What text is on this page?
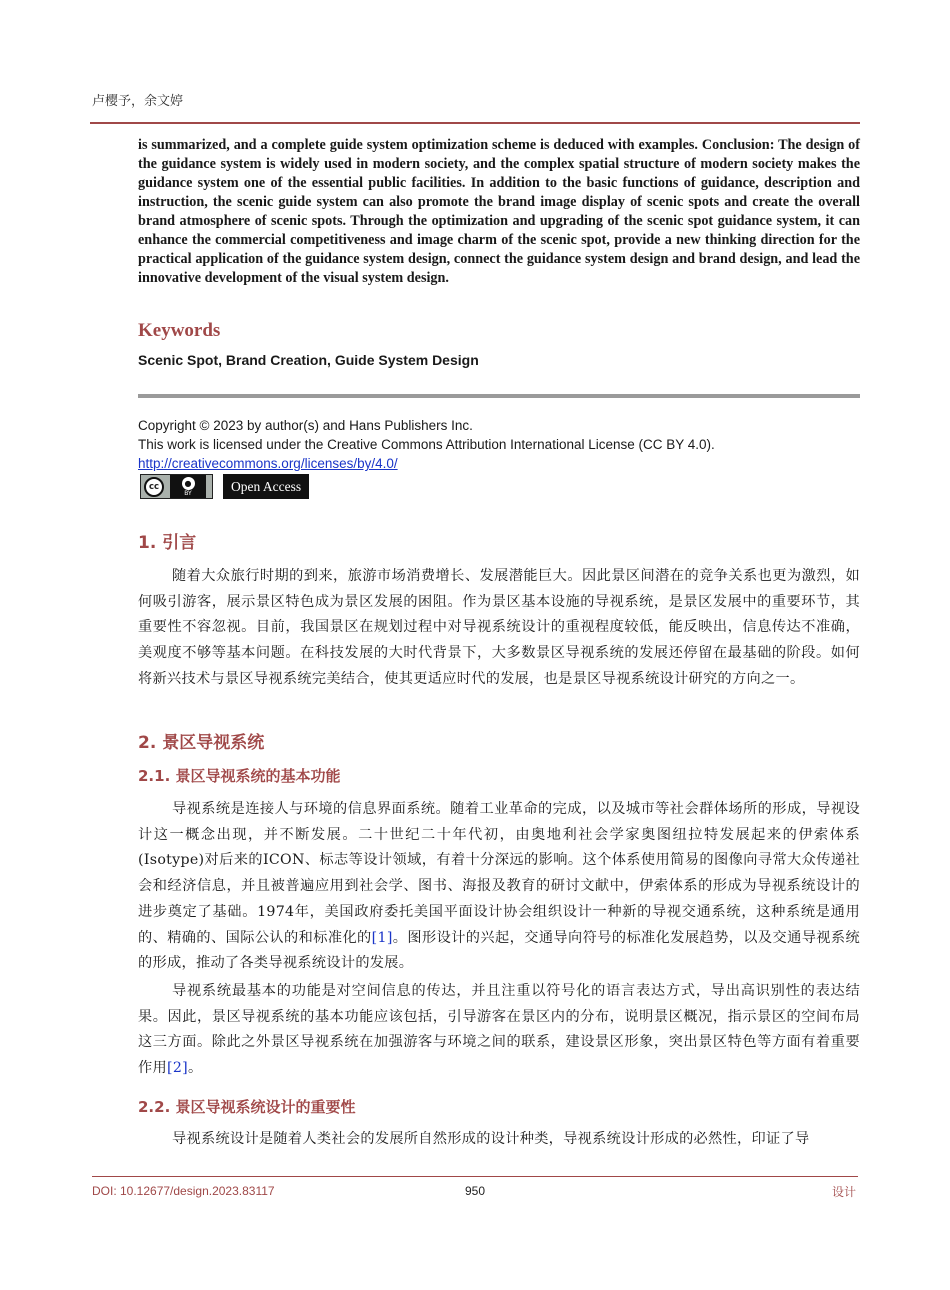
卢樱予，余文婷
is summarized, and a complete guide system optimization scheme is deduced with examples. Conclusion: The design of the guidance system is widely used in modern society, and the complex spatial structure of modern society makes the guidance system one of the essential public facilities. In addition to the basic functions of guidance, description and instruction, the scenic guide system can also promote the brand image display of scenic spots and create the overall brand atmosphere of scenic spots. Through the optimization and upgrading of the scenic spot guidance system, it can enhance the commercial competitiveness and image charm of the scenic spot, provide a new thinking direction for the practical application of the guidance system design, connect the guidance system design and brand design, and lead the innovative development of the visual system design.
Keywords
Scenic Spot, Brand Creation, Guide System Design
Copyright © 2023 by author(s) and Hans Publishers Inc.
This work is licensed under the Creative Commons Attribution International License (CC BY 4.0).
http://creativecommons.org/licenses/by/4.0/
cc	●
BY	Open Access
1. 引言
随着大众旅行时期的到来，旅游市场消费增长、发展潜能巨大。因此景区间潜在的竞争关系也更为激烈，如何吸引游客，展示景区特色成为景区发展的困阻。作为景区基本设施的导视系统，是景区发展中的重要环节，其重要性不容忽视。目前，我国景区在规划过程中对导视系统设计的重视程度较低，能反映出，信息传达不准确，美观度不够等基本问题。在科技发展的大时代背景下，大多数景区导视系统的发展还停留在最基础的阶段。如何将新兴技术与景区导视系统完美结合，使其更适应时代的发展，也是景区导视系统设计研究的方向之一。
2. 景区导视系统
2.1. 景区导视系统的基本功能
导视系统是连接人与环境的信息界面系统。随着工业革命的完成，以及城市等社会群体场所的形成，导视设计这一概念出现，并不断发展。二十世纪二十年代初，由奥地利社会学家奥图纽拉特发展起来的伊索体系(Isotype)对后来的ICON、标志等设计领域，有着十分深远的影响。这个体系使用简易的图像向寻常大众传递社会和经济信息，并且被普遍应用到社会学、图书、海报及教育的研讨文献中，伊索体系的形成为导视系统设计的进步奠定了基础。1974年，美国政府委托美国平面设计协会组织设计一种新的导视交通系统，这种系统是通用的、精确的、国际公认的和标准化的[1]。图形设计的兴起，交通导向符号的标准化发展趋势，以及交通导视系统的形成，推动了各类导视系统设计的发展。
导视系统最基本的功能是对空间信息的传达，并且注重以符号化的语言表达方式，导出高识别性的表达结果。因此，景区导视系统的基本功能应该包括，引导游客在景区内的分布，说明景区概况，指示景区的空间布局这三方面。除此之外景区导视系统在加强游客与环境之间的联系，建设景区形象，突出景区特色等方面有着重要作用[2]。
2.2. 景区导视系统设计的重要性
导视系统设计是随着人类社会的发展所自然形成的设计种类，导视系统设计形成的必然性，印证了导
DOI: 10.12677/design.2023.83117	950	设计
